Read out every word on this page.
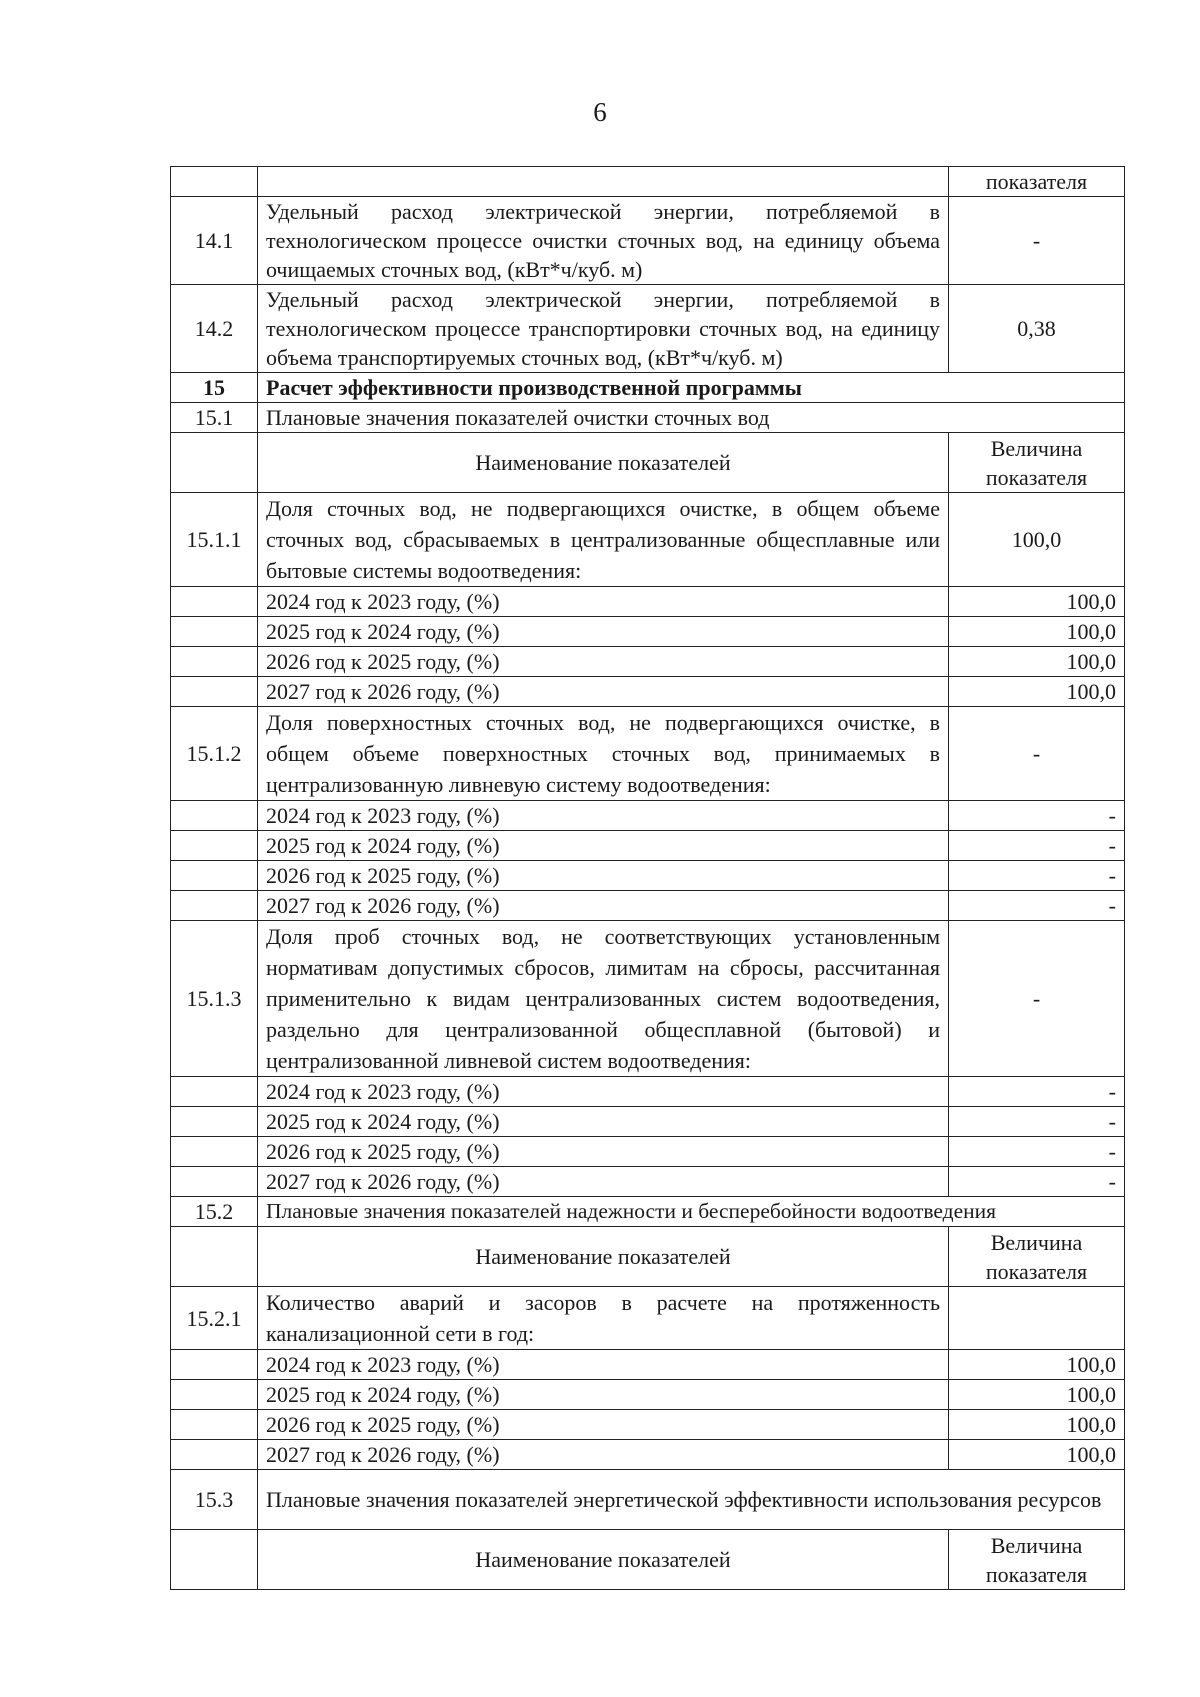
6
		показателя
14.1	Удельный расход электрической энергии, потребляемой в технологическом процессе очистки сточных вод, на единицу объема очищаемых сточных вод, (кВт*ч/куб. м)	-
14.2	Удельный расход электрической энергии, потребляемой в технологическом процессе транспортировки сточных вод, на единицу объема транспортируемых сточных вод, (кВт*ч/куб. м)	0,38
15	Расчет эффективности производственной программы	
15.1	Плановые значения показателей очистки сточных вод	
	Наименование показателей	Величина показателя
15.1.1	Доля сточных вод, не подвергающихся очистке, в общем объеме сточных вод, сбрасываемых в централизованные общесплавные или бытовые системы водоотведения:	100,0
	2024 год к 2023 году, (%)	100,0
	2025 год к 2024 году, (%)	100,0
	2026 год к 2025 году, (%)	100,0
	2027 год к 2026 году, (%)	100,0
15.1.2	Доля поверхностных сточных вод, не подвергающихся очистке, в общем объеме поверхностных сточных вод, принимаемых в централизованную ливневую систему водоотведения:	-
	2024 год к 2023 году, (%)	-
	2025 год к 2024 году, (%)	-
	2026 год к 2025 году, (%)	-
	2027 год к 2026 году, (%)	-
15.1.3	Доля проб сточных вод, не соответствующих установленным нормативам допустимых сбросов, лимитам на сбросы, рассчитанная применительно к видам централизованных систем водоотведения, раздельно для централизованной общесплавной (бытовой) и централизованной ливневой систем водоотведения:	-
	2024 год к 2023 году, (%)	-
	2025 год к 2024 году, (%)	-
	2026 год к 2025 году, (%)	-
	2027 год к 2026 году, (%)	-
15.2	Плановые значения показателей надежности и бесперебойности водоотведения	
	Наименование показателей	Величина показателя
15.2.1	Количество аварий и засоров в расчете на протяженность канализационной сети в год:	
	2024 год к 2023 году, (%)	100,0
	2025 год к 2024 году, (%)	100,0
	2026 год к 2025 году, (%)	100,0
	2027 год к 2026 году, (%)	100,0
15.3	Плановые значения показателей энергетической эффективности использования ресурсов	
	Наименование показателей	Величина показателя
